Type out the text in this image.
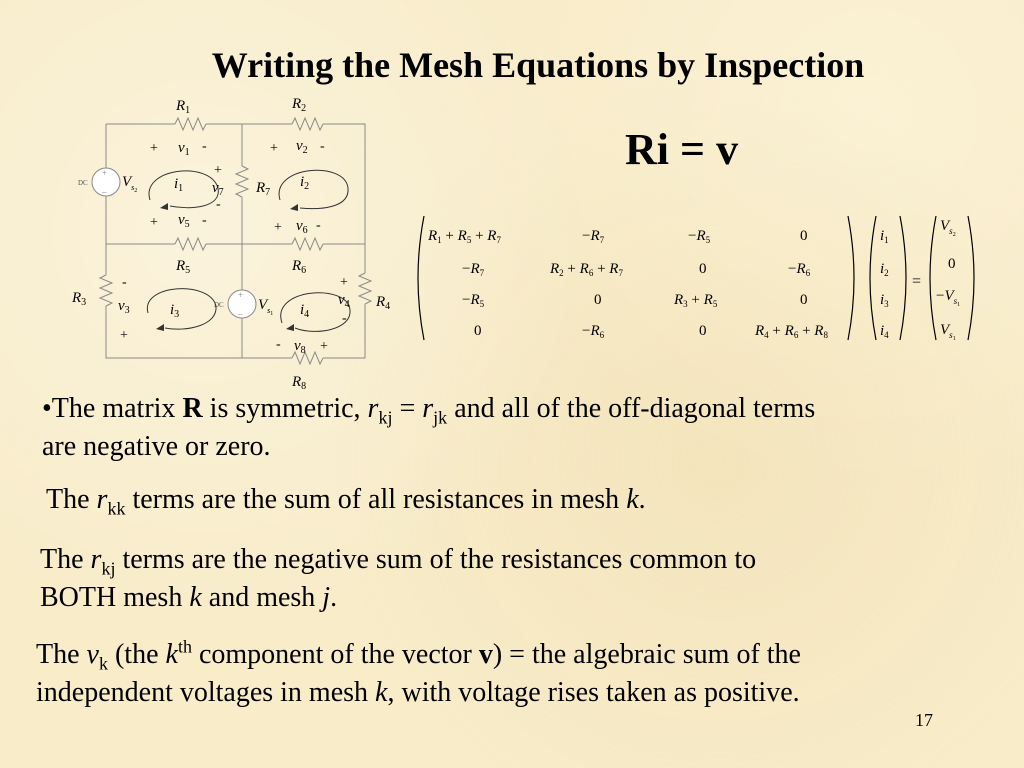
Writing the Mesh Equations by Inspection
Ri = v
+
_
DC
+
_
DC
$R_1$	$R_2$
$R_3$	$R_4$
$R_5$	$R_6$
$R_7$
$R_8$
$V_s2$
$V_s1$
$v_1$	$v_2$
$v_3$
$v_4$
$v_5$	$v_6$
$v_7$
$v_8$
$i_1$	$i_2$
$i_3$	$i_4$
+	-	+	-
+
-
+	-	+ -
-
+
+
-
-	+
=
$R_1 + R_5 + R_7$	$-R_7$	$-R_5$	0
$-R_7$	$R_2 + R_6 + R_7$	0	$-R_6$
$-R_5$	0	$R_3 + R_5$	0
0	$-R_6$	0	$R_4 + R_6 + R_8$
$i_1$
$i_2$
$i_3$
$i_4$
$V_s2$
0
$-V_s1$
$V_s1$
•The matrix R is symmetric, $r_{kj} = r_{jk}$ and all of the off-diagonal terms
are negative or zero.
The $r_{kk}$ terms are the sum of all resistances in mesh k.
The $r_{kj}$ terms are the negative sum of the resistances common to
BOTH mesh k and mesh j.
The $v_k$ (the $k^{th}$ component of the vector v) = the algebraic sum of the
independent voltages in mesh k, with voltage rises taken as positive.
17
